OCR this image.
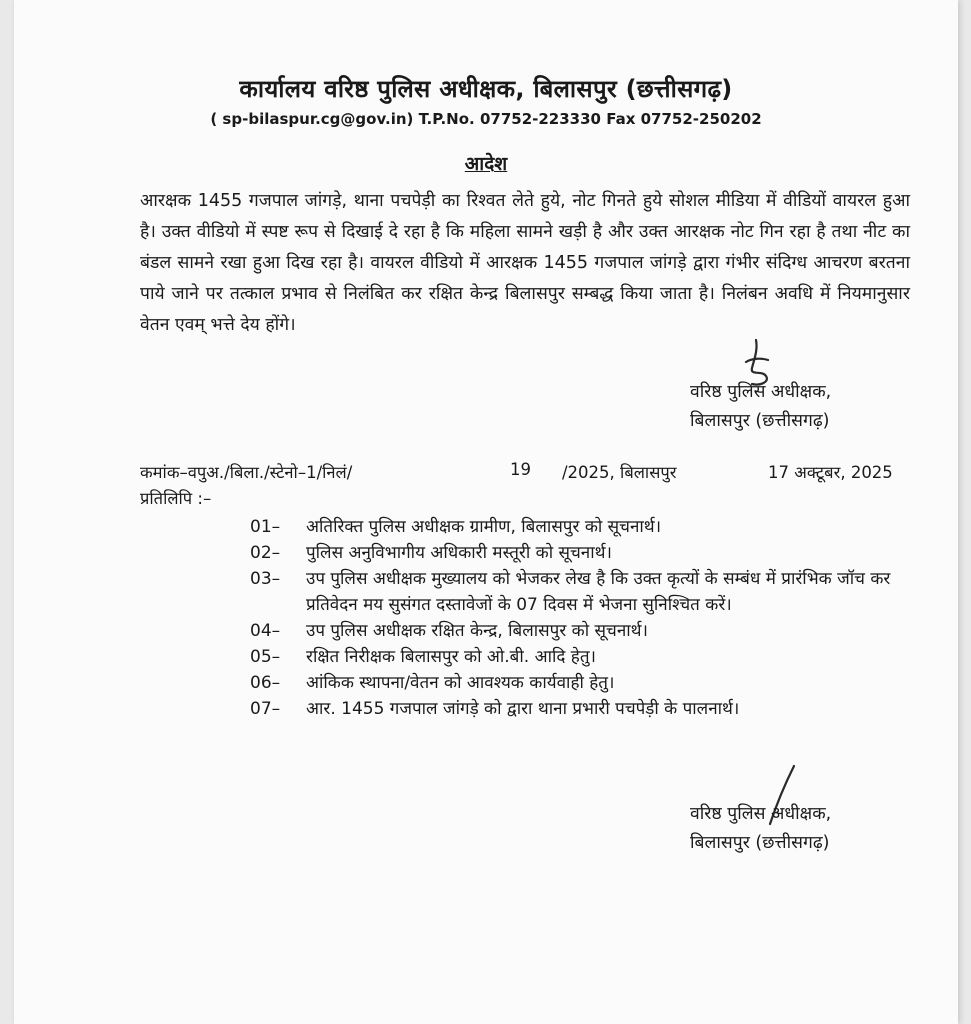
कार्यालय वरिष्ठ पुलिस अधीक्षक, बिलासपुर (छत्तीसगढ़)
( sp-bilaspur.cg@gov.in) T.P.No. 07752-223330 Fax 07752-250202
आदेश

आरक्षक 1455 गजपाल जांगड़े, थाना पचपेड़ी का रिश्वत लेते हुये, नोट गिनते हुये सोशल मीडिया में वीडियों वायरल हुआ है। उक्त वीडियो में स्पष्ट रूप से दिखाई दे रहा है कि महिला सामने खड़ी है और उक्त आरक्षक नोट गिन रहा है तथा नीट का बंडल सामने रखा हुआ दिख रहा है। वायरल वीडियो में आरक्षक 1455 गजपाल जांगड़े द्वारा गंभीर संदिग्ध आचरण बरतना पाये जाने पर तत्काल प्रभाव से निलंबित कर रक्षित केन्द्र बिलासपुर सम्बद्ध किया जाता है। निलंबन अवधि में नियमानुसार वेतन एवम् भत्ते देय होंगे।

वरिष्ठ पुलिस अधीक्षक,
बिलासपुर (छत्तीसगढ़)
कमांक–वपुअ./बिला./स्टेनो–1/निलं/	19 /2025, बिलासपुर	17 अक्टूबर, 2025
प्रतिलिपि :–
01–	अतिरिक्त पुलिस अधीक्षक ग्रामीण, बिलासपुर को सूचनार्थ।
02–	पुलिस अनुविभागीय अधिकारी मस्तूरी को सूचनार्थ।
03–	उप पुलिस अधीक्षक मुख्यालय को भेजकर लेख है कि उक्त कृत्यों के सम्बंध में प्रारंभिक जॉच कर प्रतिवेदन मय सुसंगत दस्तावेजों के 07 दिवस में भेजना सुनिश्चित करें।
04–	उप पुलिस अधीक्षक रक्षित केन्द्र, बिलासपुर को सूचनार्थ।
05–	रक्षित निरीक्षक बिलासपुर को ओ.बी. आदि हेतु।
06–	आंकिक स्थापना/वेतन को आवश्यक कार्यवाही हेतु।
07–	आर. 1455 गजपाल जांगड़े को द्वारा थाना प्रभारी पचपेड़ी के पालनार्थ।
वरिष्ठ पुलिस अधीक्षक,
बिलासपुर (छत्तीसगढ़)
